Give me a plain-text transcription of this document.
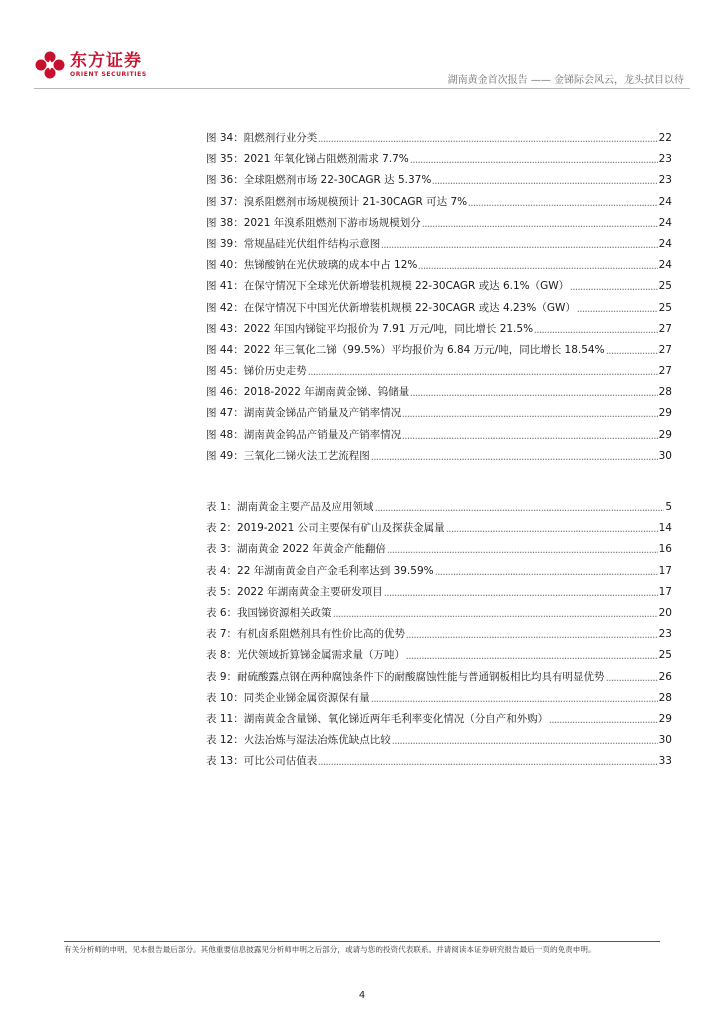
东方证券
ORIENT SECURITIES
湖南黄金首次报告 —— 金锑际会风云，龙头拭目以待
图 34： 阻燃剂行业分类	22
图 35： 2021 年氧化锑占阻燃剂需求 7.7%	23
图 36： 全球阻燃剂市场 22-30CAGR 达 5.37%	23
图 37： 溴系阻燃剂市场规模预计 21-30CAGR 可达 7%	24
图 38： 2021 年溴系阻燃剂下游市场规模划分	24
图 39： 常规晶硅光伏组件结构示意图	24
图 40： 焦锑酸钠在光伏玻璃的成本中占 12%	24
图 41： 在保守情况下全球光伏新增装机规模 22-30CAGR 或达 6.1%（GW）	25
图 42： 在保守情况下中国光伏新增装机规模 22-30CAGR 或达 4.23%（GW）	25
图 43： 2022 年国内锑锭平均报价为 7.91 万元/吨，同比增长 21.5%	27
图 44： 2022 年三氧化二锑（99.5%）平均报价为 6.84 万元/吨，同比增长 18.54%	27
图 45： 锑价历史走势	27
图 46： 2018-2022 年湖南黄金锑、钨储量	28
图 47： 湖南黄金锑品产销量及产销率情况	29
图 48： 湖南黄金钨品产销量及产销率情况	29
图 49： 三氧化二锑火法工艺流程图	30
表 1： 湖南黄金主要产品及应用领域	5
表 2： 2019-2021 公司主要保有矿山及探获金属量	14
表 3： 湖南黄金 2022 年黄金产能翻倍	16
表 4： 22 年湖南黄金自产金毛利率达到 39.59%	17
表 5： 2022 年湖南黄金主要研发项目	17
表 6： 我国锑资源相关政策	20
表 7： 有机卤系阻燃剂具有性价比高的优势	23
表 8： 光伏领域折算锑金属需求量（万吨）	25
表 9： 耐硫酸露点钢在两种腐蚀条件下的耐酸腐蚀性能与普通钢板相比均具有明显优势	26
表 10： 同类企业锑金属资源保有量	28
表 11： 湖南黄金含量锑、氧化锑近两年毛利率变化情况（分自产和外购）	29
表 12： 火法冶炼与湿法冶炼优缺点比较	30
表 13： 可比公司估值表	33
有关分析师的申明，见本报告最后部分。其他重要信息披露见分析师申明之后部分，或请与您的投资代表联系。并请阅读本证券研究报告最后一页的免责申明。
4
